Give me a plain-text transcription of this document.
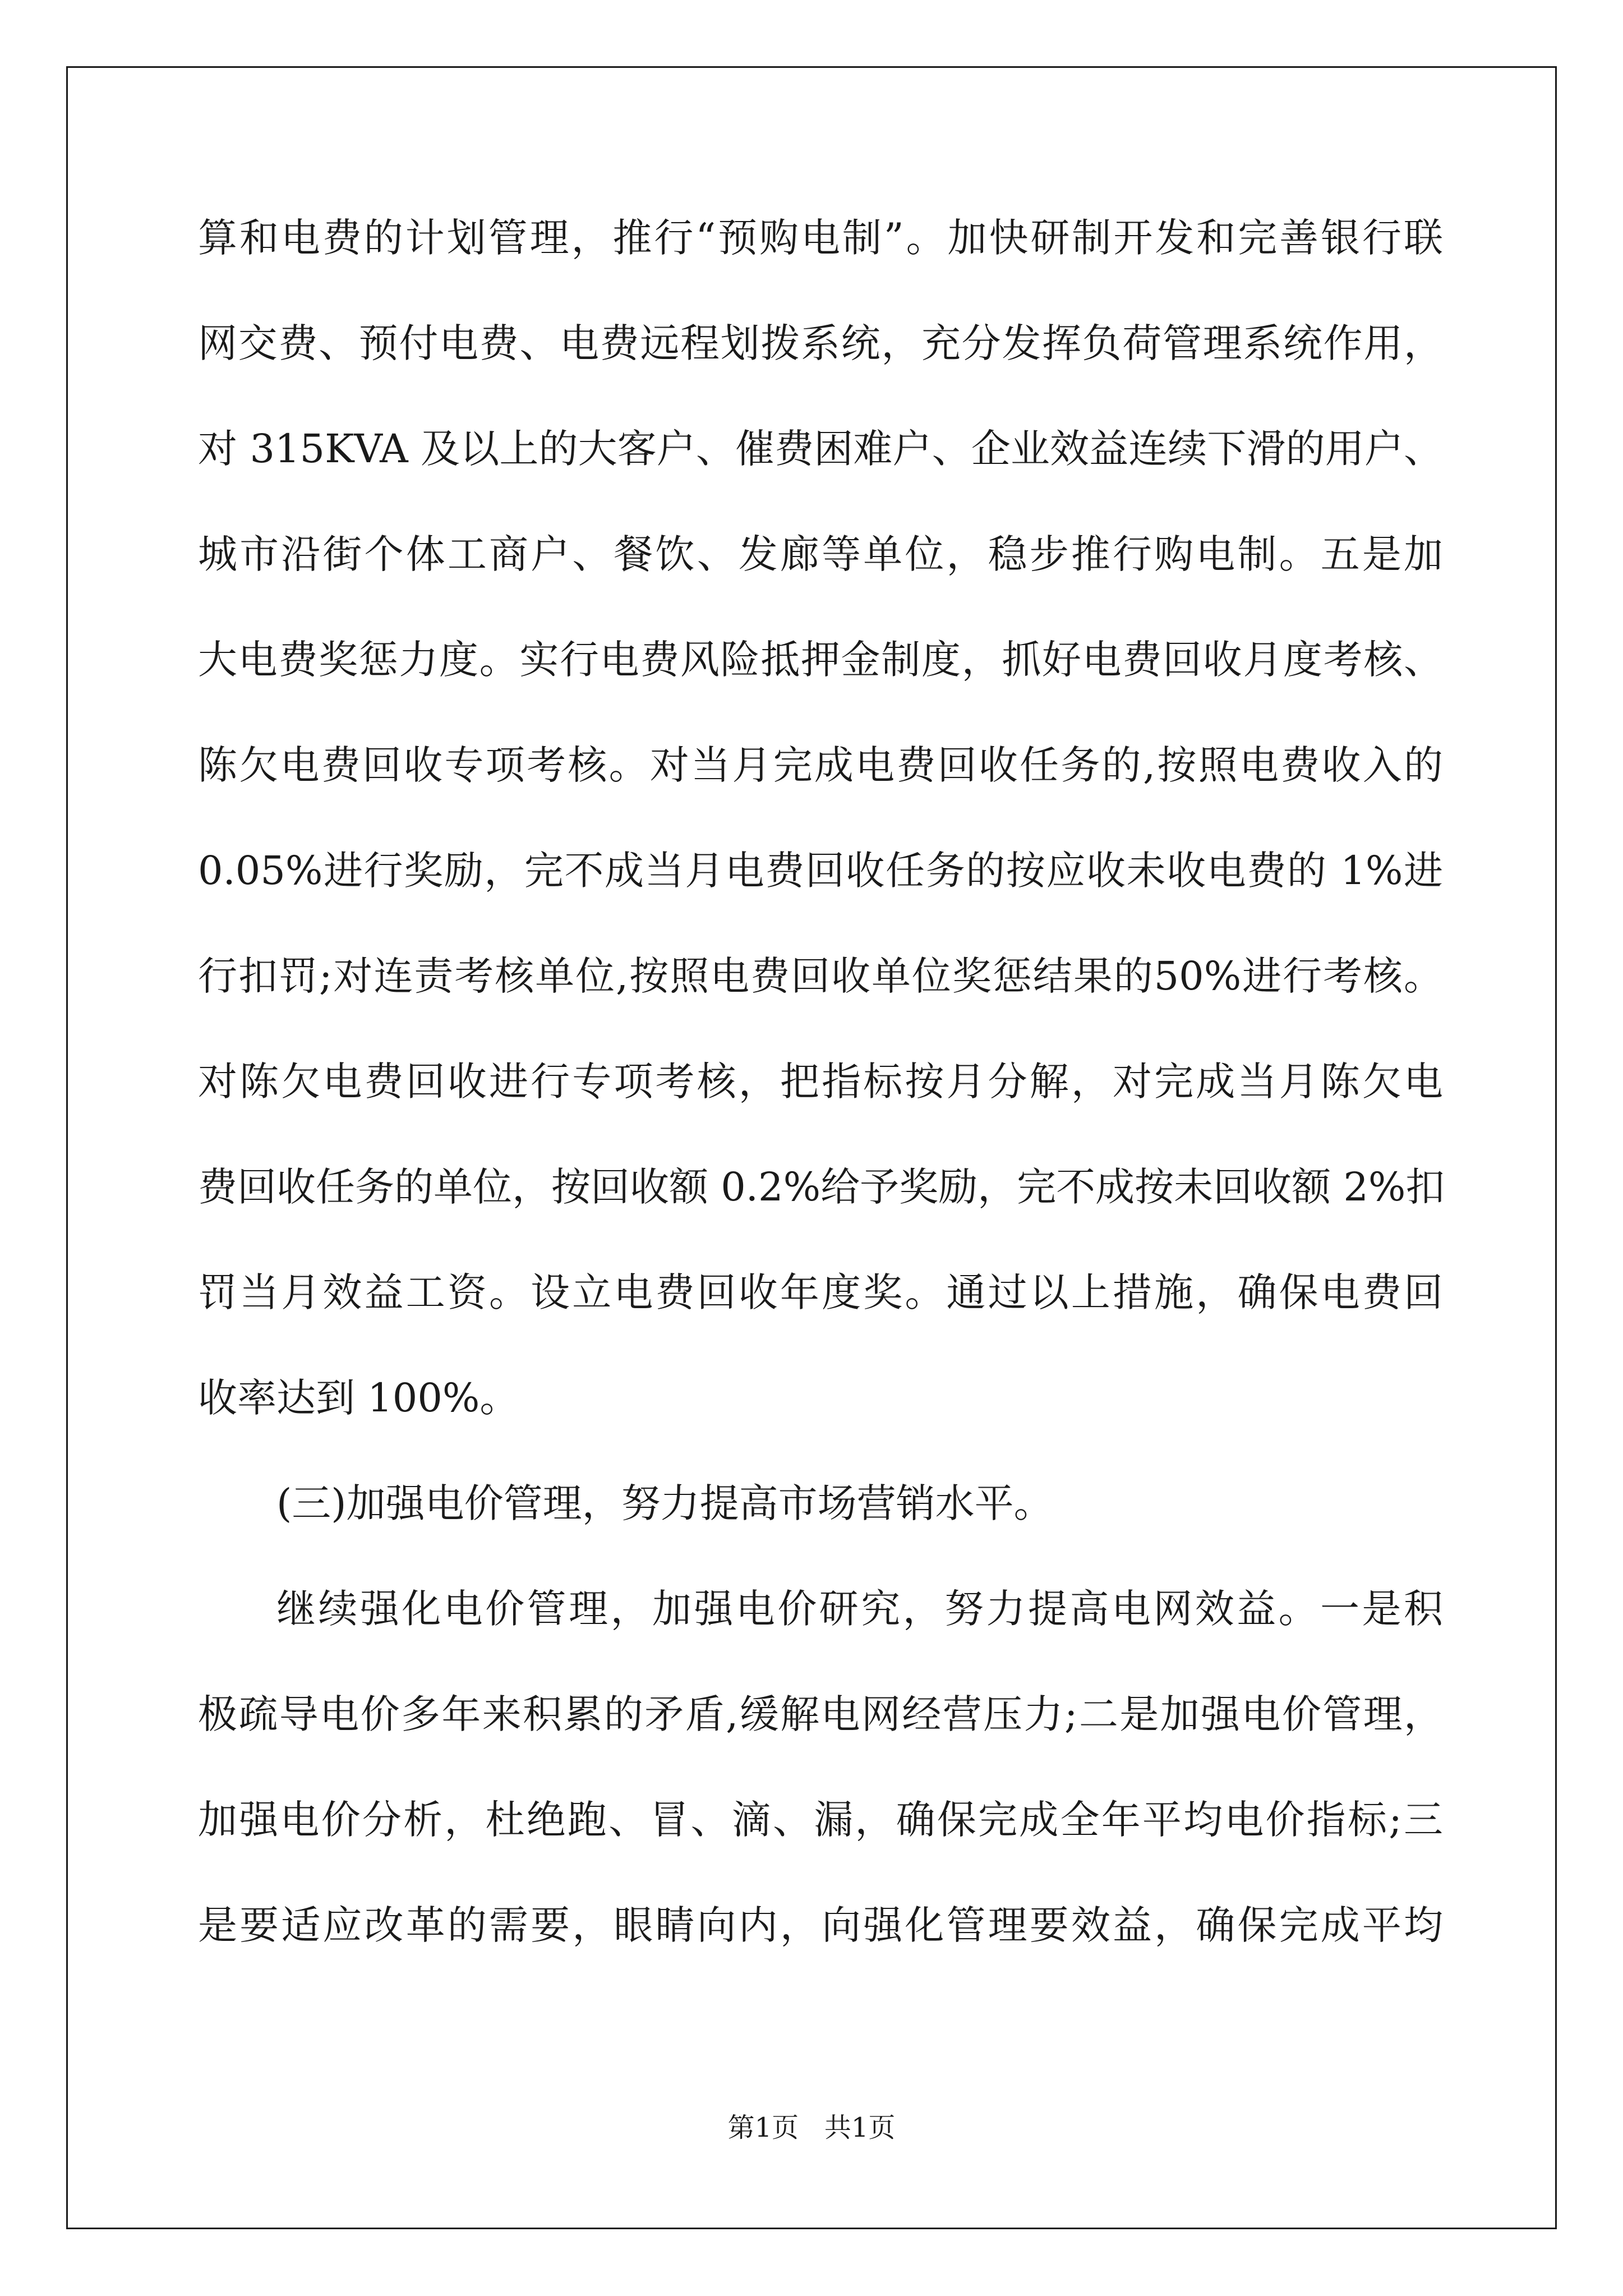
算和电费的计划管理，推行“预购电制”。加快研制开发和完善银行联
网交费、预付电费、电费远程划拨系统，充分发挥负荷管理系统作用，
对 315KVA 及以上的大客户、催费困难户、企业效益连续下滑的用户、
城市沿街个体工商户、餐饮、发廊等单位，稳步推行购电制。五是加
大电费奖惩力度。实行电费风险抵押金制度，抓好电费回收月度考核、
陈欠电费回收专项考核。对当月完成电费回收任务的,按照电费收入的
0.05%进行奖励，完不成当月电费回收任务的按应收未收电费的 1%进
行扣罚;对连责考核单位,按照电费回收单位奖惩结果的50%进行考核。
对陈欠电费回收进行专项考核，把指标按月分解，对完成当月陈欠电
费回收任务的单位，按回收额 0.2%给予奖励，完不成按未回收额 2%扣
罚当月效益工资。设立电费回收年度奖。通过以上措施，确保电费回
收率达到 100%。
(三)加强电价管理，努力提高市场营销水平。
继续强化电价管理，加强电价研究，努力提高电网效益。一是积
极疏导电价多年来积累的矛盾,缓解电网经营压力;二是加强电价管理，
加强电价分析，杜绝跑、冒、滴、漏，确保完成全年平均电价指标;三
是要适应改革的需要，眼睛向内，向强化管理要效益，确保完成平均
第1页   共1页
